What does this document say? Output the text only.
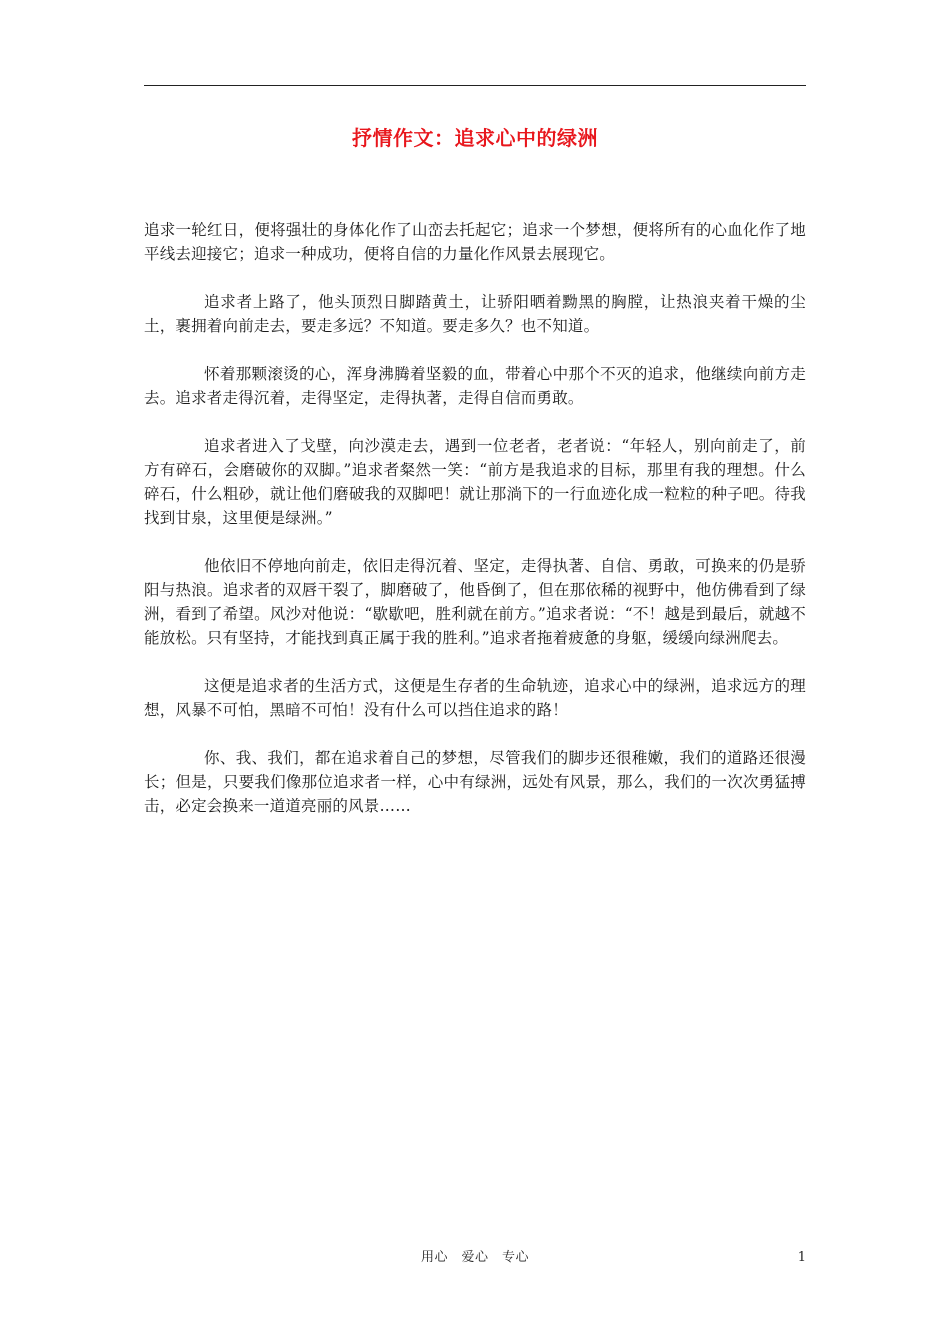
抒情作文：追求心中的绿洲

追求一轮红日，便将强壮的身体化作了山峦去托起它；追求一个梦想，便将所有的心血化作了地平线去迎接它；追求一种成功，便将自信的力量化作风景去展现它。

追求者上路了，他头顶烈日脚踏黄土，让骄阳晒着黝黑的胸膛，让热浪夹着干燥的尘土，裹拥着向前走去，要走多远？不知道。要走多久？也不知道。

怀着那颗滚烫的心，浑身沸腾着坚毅的血，带着心中那个不灭的追求，他继续向前方走去。追求者走得沉着，走得坚定，走得执著，走得自信而勇敢。

追求者进入了戈壁，向沙漠走去，遇到一位老者，老者说：“年轻人，别向前走了，前方有碎石，会磨破你的双脚。”追求者粲然一笑：“前方是我追求的目标，那里有我的理想。什么碎石，什么粗砂，就让他们磨破我的双脚吧！就让那淌下的一行血迹化成一粒粒的种子吧。待我找到甘泉，这里便是绿洲。”

他依旧不停地向前走，依旧走得沉着、坚定，走得执著、自信、勇敢，可换来的仍是骄阳与热浪。追求者的双唇干裂了，脚磨破了，他昏倒了，但在那依稀的视野中，他仿佛看到了绿洲，看到了希望。风沙对他说：“歇歇吧，胜利就在前方。”追求者说：“不！越是到最后，就越不能放松。只有坚持，才能找到真正属于我的胜利。”追求者拖着疲惫的身躯，缓缓向绿洲爬去。

这便是追求者的生活方式，这便是生存者的生命轨迹，追求心中的绿洲，追求远方的理想，风暴不可怕，黑暗不可怕！没有什么可以挡住追求的路！

你、我、我们，都在追求着自己的梦想，尽管我们的脚步还很稚嫩，我们的道路还很漫长；但是，只要我们像那位追求者一样，心中有绿洲，远处有风景，那么，我们的一次次勇猛搏击，必定会换来一道道亮丽的风景……

用心　爱心　专心	1
